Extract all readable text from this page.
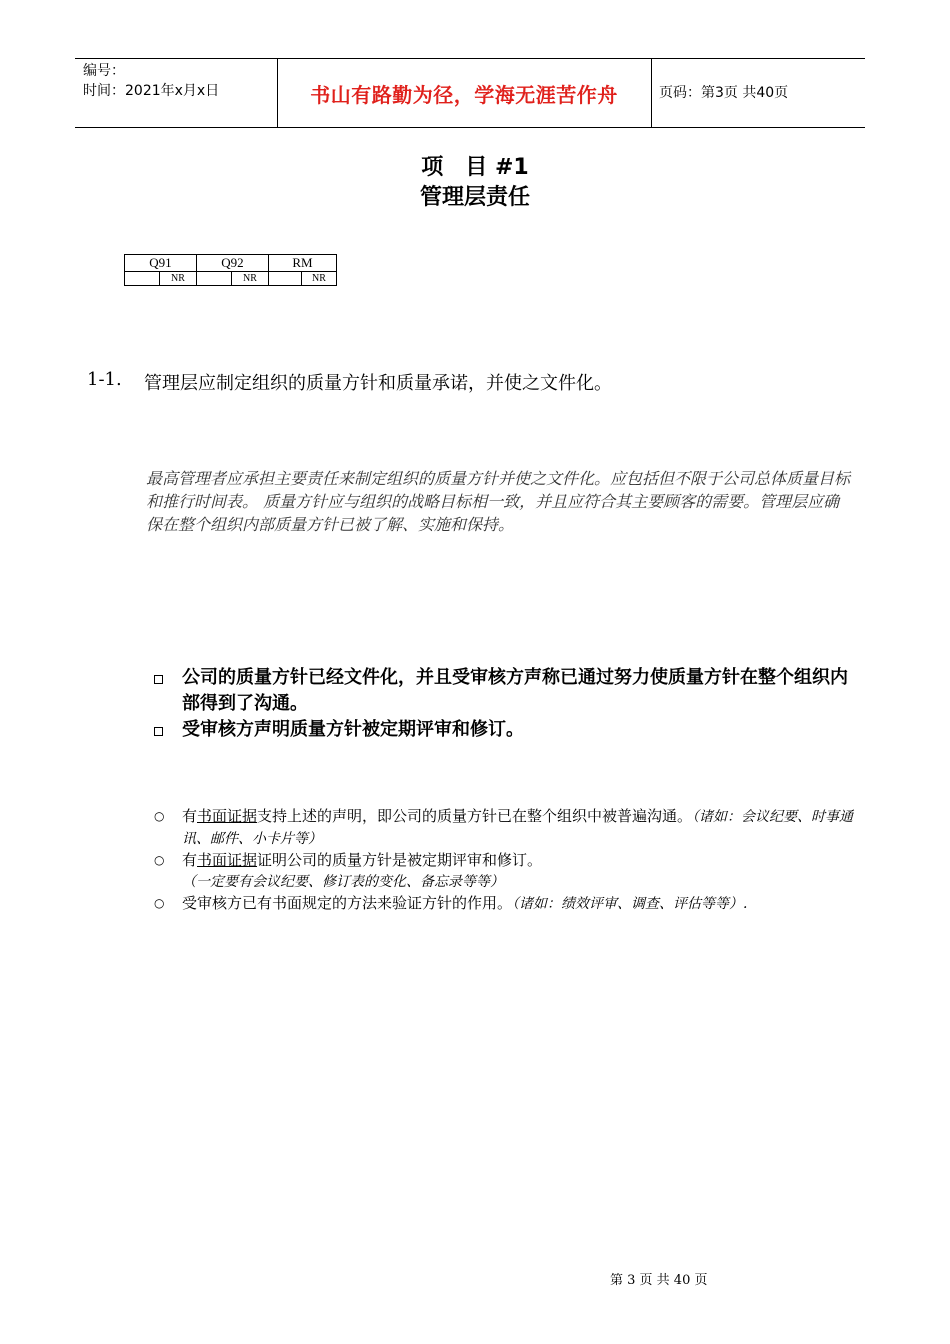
编号：
时间：2021年x月x日	书山有路勤为径，学海无涯苦作舟	页码：第3页 共40页
项　目 #1
管理层责任
Q91		Q92		RM	
	NR		NR		NR
1-1. 管理层应制定组织的质量方针和质量承诺，并使之文件化。
最高管理者应承担主要责任来制定组织的质量方针并使之文件化。应包括但不限于公司总体质量目标和推行时间表。 质量方针应与组织的战略目标相一致，并且应符合其主要顾客的需要。管理层应确保在整个组织内部质量方针已被了解、实施和保持。
公司的质量方针已经文件化，并且受审核方声称已通过努力使质量方针在整个组织内部得到了沟通。
受审核方声明质量方针被定期评审和修订。
○ 有书面证据支持上述的声明，即公司的质量方针已在整个组织中被普遍沟通。（诸如：会议纪要、时事通讯、邮件、小卡片等）
○ 有书面证据证明公司的质量方针是被定期评审和修订。（一定要有会议纪要、修订表的变化、备忘录等等）
○ 受审核方已有书面规定的方法来验证方针的作用。（诸如：绩效评审、调查、评估等等）.
第 3 页 共 40 页
